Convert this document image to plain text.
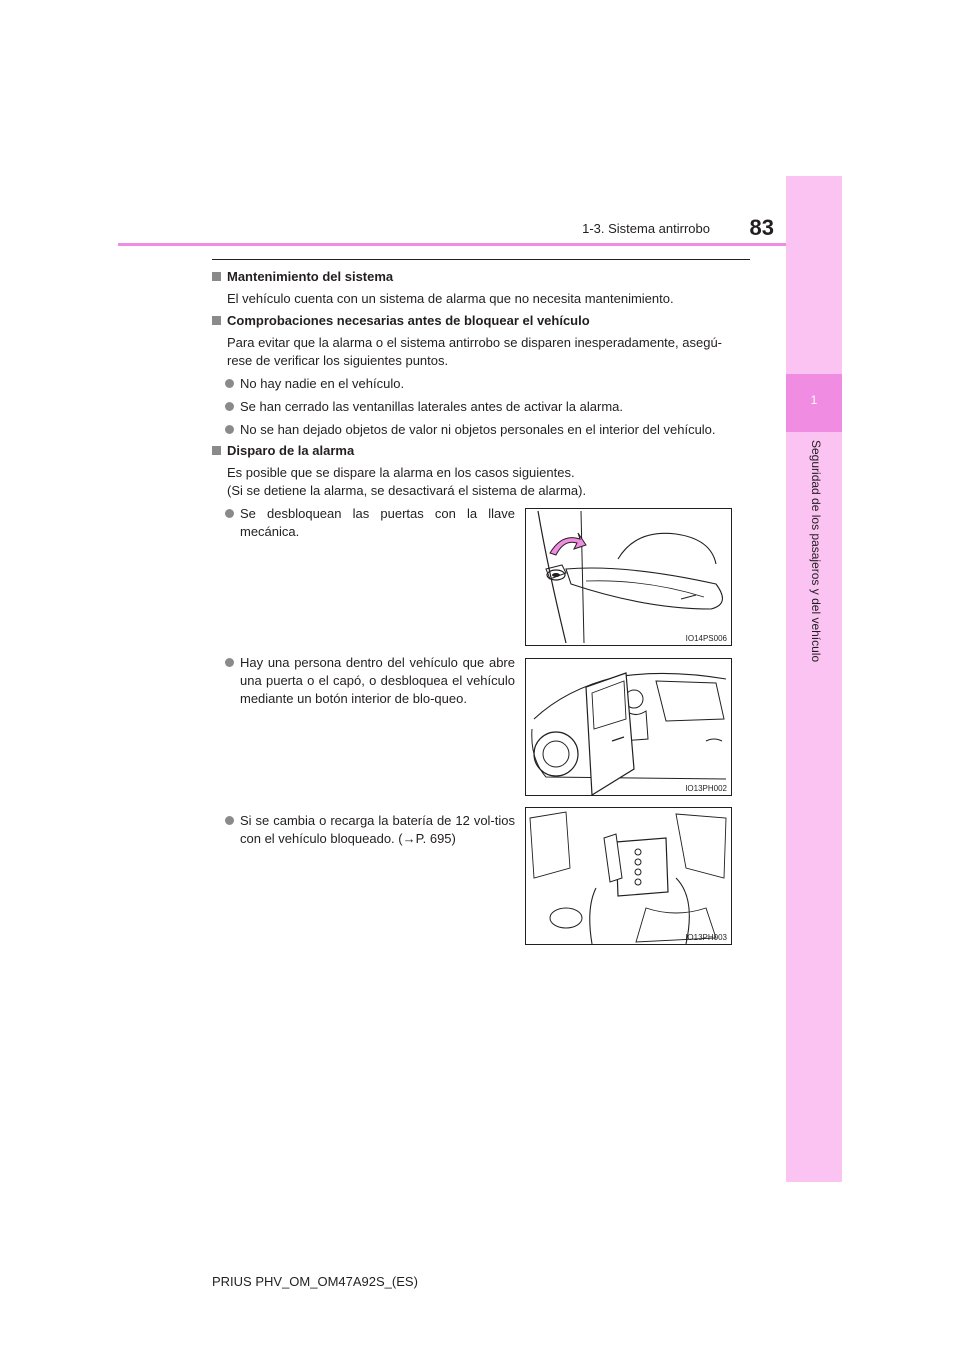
1
Seguridad de los pasajeros y del vehículo
1-3. Sistema antirrobo	83
Mantenimiento del sistema
El vehículo cuenta con un sistema de alarma que no necesita mantenimiento.
Comprobaciones necesarias antes de bloquear el vehículo
Para evitar que la alarma o el sistema antirrobo se disparen inesperadamente, asegú-
rese de verificar los siguientes puntos.
No hay nadie en el vehículo.
Se han cerrado las ventanillas laterales antes de activar la alarma.
No se han dejado objetos de valor ni objetos personales en el interior del vehículo.
Disparo de la alarma
Es posible que se dispare la alarma en los casos siguientes.
(Si se detiene la alarma, se desactivará el sistema de alarma).
Se desbloquean las puertas con la llave mecánica.
IO14PS006
Hay una persona dentro del vehículo que abre una puerta o el capó, o desbloquea el vehículo mediante un botón interior de blo-queo.
IO13PH002
Si se cambia o recarga la batería de 12 vol-tios con el vehículo bloqueado. (→P. 695)
IO13PH003
PRIUS PHV_OM_OM47A92S_(ES)
